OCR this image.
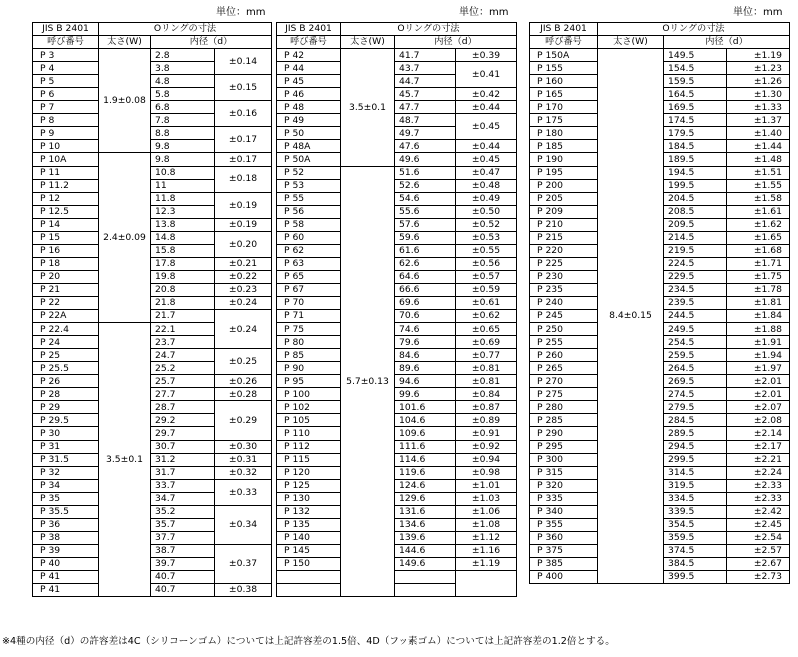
単位：mm	単位：mm	単位：mm
JIS B 2401	Oリングの寸法		
呼び番号	太さ(W)	内径（d）	
P 3	1.9±0.08	2.8	±0.14
P 4		3.8	
P 5		4.8	±0.15
P 6		5.8	
P 7		6.8	±0.16
P 8		7.8	
P 9		8.8	±0.17
P 10		9.8	
P 10A	2.4±0.09	9.8	±0.17
P 11		10.8	±0.18
P 11.2		11	
P 12		11.8	±0.19
P 12.5		12.3	
P 14		13.8	±0.19
P 15		14.8	±0.20
P 16		15.8	
P 18		17.8	±0.21
P 20		19.8	±0.22
P 21		20.8	±0.23
P 22		21.8	±0.24
P 22A		21.7	±0.24
P 22.4	3.5±0.1	22.1	
P 24		23.7	
P 25		24.7	±0.25
P 25.5		25.2	
P 26		25.7	±0.26
P 28		27.7	±0.28
P 29		28.7	±0.29
P 29.5		29.2	
P 30		29.7	
P 31		30.7	±0.30
P 31.5		31.2	±0.31
P 32		31.7	±0.32
P 34		33.7	±0.33
P 35		34.7	
P 35.5		35.2	±0.34
P 36		35.7	
P 38		37.7	
P 39		38.7	±0.37
P 40		39.7	
P 41		40.7	
P 41		40.7	±0.38
JIS B 2401	Oリングの寸法		
呼び番号	太さ(W)	内径（d）	
P 42	3.5±0.1	41.7	±0.39
P 44		43.7	±0.41
P 45		44.7	
P 46		45.7	±0.42
P 48		47.7	±0.44
P 49		48.7	±0.45
P 50		49.7	
P 48A		47.6	±0.44
P 50A		49.6	±0.45
P 52	5.7±0.13	51.6	±0.47
P 53		52.6	±0.48
P 55		54.6	±0.49
P 56		55.6	±0.50
P 58		57.6	±0.52
P 60		59.6	±0.53
P 62		61.6	±0.55
P 63		62.6	±0.56
P 65		64.6	±0.57
P 67		66.6	±0.59
P 70		69.6	±0.61
P 71		70.6	±0.62
P 75		74.6	±0.65
P 80		79.6	±0.69
P 85		84.6	±0.77
P 90		89.6	±0.81
P 95		94.6	±0.81
P 100		99.6	±0.84
P 102		101.6	±0.87
P 105		104.6	±0.89
P 110		109.6	±0.91
P 112		111.6	±0.92
P 115		114.6	±0.94
P 120		119.6	±0.98
P 125		124.6	±1.01
P 130		129.6	±1.03
P 132		131.6	±1.06
P 135		134.6	±1.08
P 140		139.6	±1.12
P 145		144.6	±1.16
P 150		149.6	±1.19

JIS B 2401	Oリングの寸法		
呼び番号	太さ(W)	内径（d）	
P 150A	8.4±0.15	149.5	±1.19
P 155		154.5	±1.23
P 160		159.5	±1.26
P 165		164.5	±1.30
P 170		169.5	±1.33
P 175		174.5	±1.37
P 180		179.5	±1.40
P 185		184.5	±1.44
P 190		189.5	±1.48
P 195		194.5	±1.51
P 200		199.5	±1.55
P 205		204.5	±1.58
P 209		208.5	±1.61
P 210		209.5	±1.62
P 215		214.5	±1.65
P 220		219.5	±1.68
P 225		224.5	±1.71
P 230		229.5	±1.75
P 235		234.5	±1.78
P 240		239.5	±1.81
P 245		244.5	±1.84
P 250		249.5	±1.88
P 255		254.5	±1.91
P 260		259.5	±1.94
P 265		264.5	±1.97
P 270		269.5	±2.01
P 275		274.5	±2.01
P 280		279.5	±2.07
P 285		284.5	±2.08
P 290		289.5	±2.14
P 295		294.5	±2.17
P 300		299.5	±2.21
P 315		314.5	±2.24
P 320		319.5	±2.33
P 335		334.5	±2.33
P 340		339.5	±2.42
P 355		354.5	±2.45
P 360		359.5	±2.54
P 375		374.5	±2.57
P 385		384.5	±2.67
P 400		399.5	±2.73
※4種の内径（d）の許容差は4C（シリコーンゴム）については上記許容差の1.5倍、4D（フッ素ゴム）については上記許容差の1.2倍とする。
